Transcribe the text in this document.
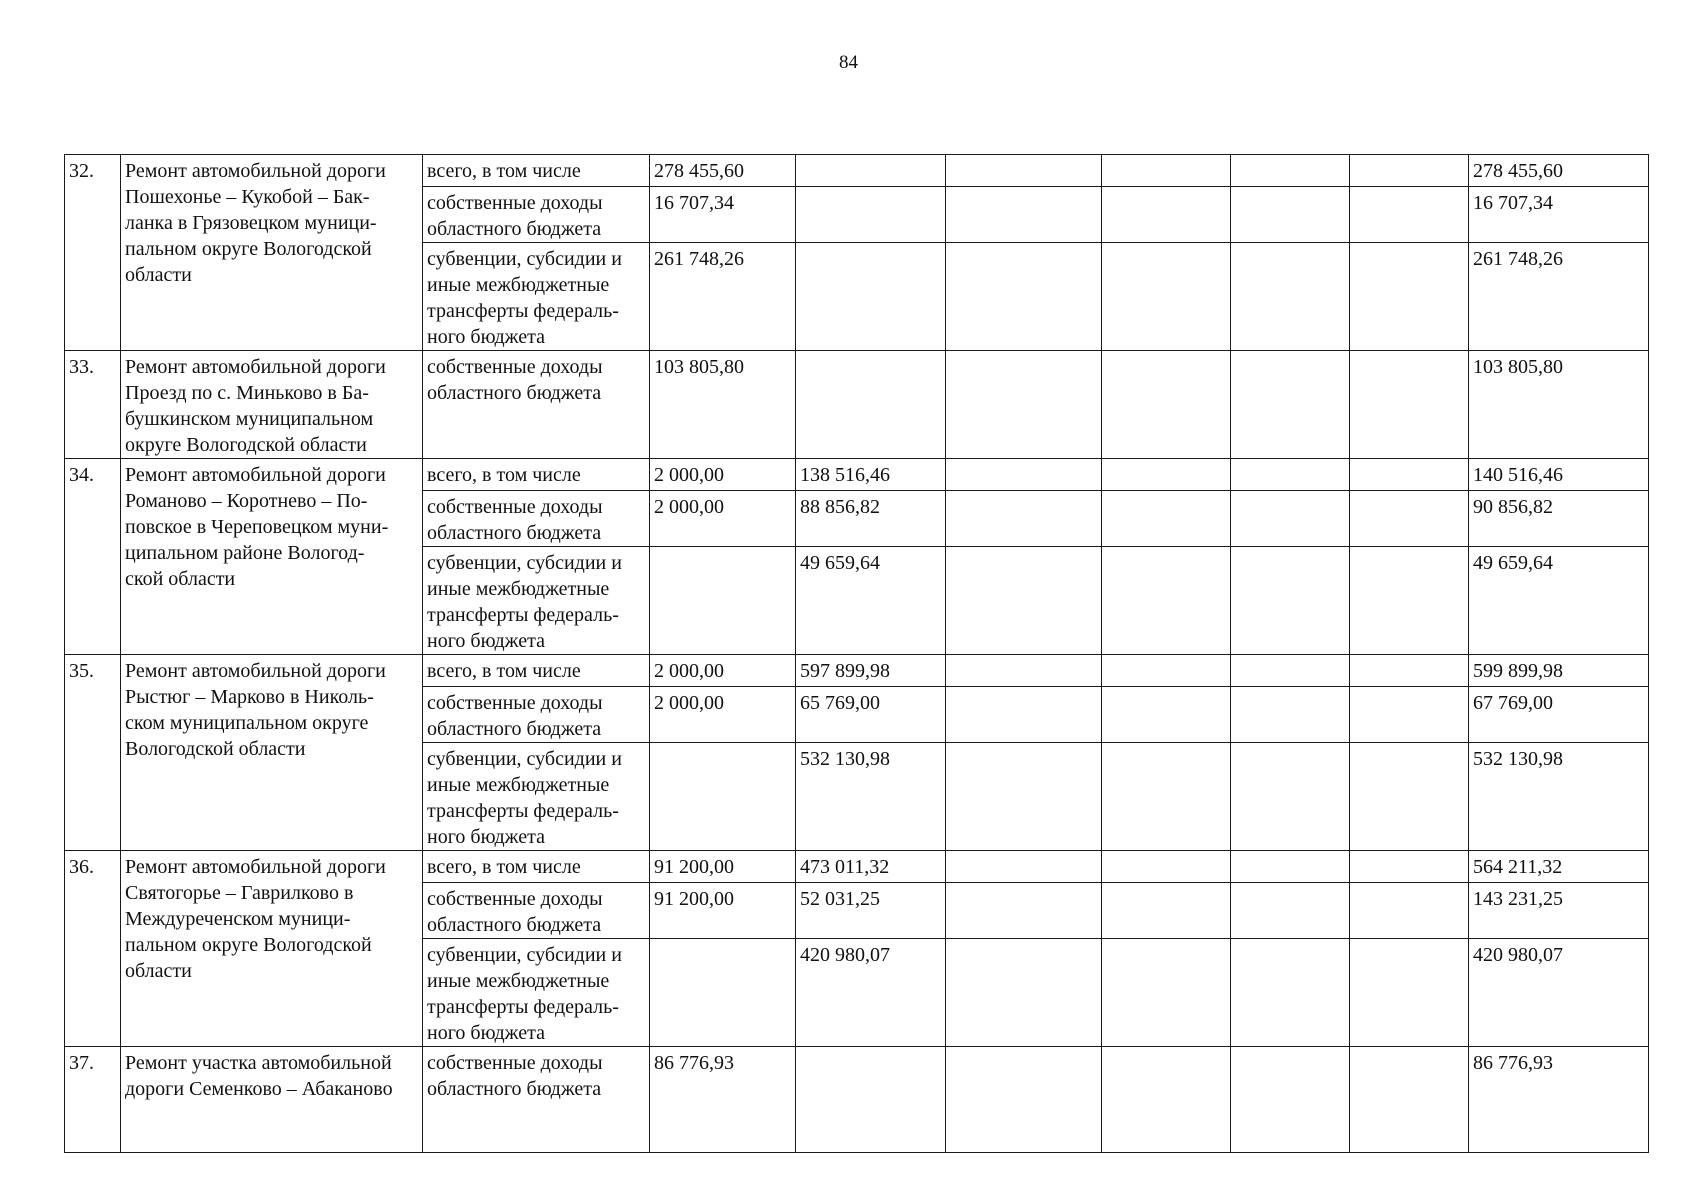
84
32.	Ремонт автомобильной дороги
Пошехонье – Кукобой – Бак-
ланка в Грязовецком муници-
пальном округе Вологодской
области	всего, в том числе	278 455,60						278 455,60
		собственные доходы
областного бюджета	16 707,34						16 707,34
		субвенции, субсидии и
иные межбюджетные
трансферты федераль-
ного бюджета	261 748,26						261 748,26
33.	Ремонт автомобильной дороги
Проезд по с. Миньково в Ба-
бушкинском муниципальном
округе Вологодской области	собственные доходы
областного бюджета	103 805,80						103 805,80
34.	Ремонт автомобильной дороги
Романово – Коротнево – По-
повское в Череповецком муни-
ципальном районе Вологод-
ской области	всего, в том числе	2 000,00	138 516,46					140 516,46
		собственные доходы
областного бюджета	2 000,00	88 856,82					90 856,82
		субвенции, субсидии и
иные межбюджетные
трансферты федераль-
ного бюджета		49 659,64					49 659,64
35.	Ремонт автомобильной дороги
Рыстюг – Марково в Николь-
ском муниципальном округе
Вологодской области	всего, в том числе	2 000,00	597 899,98					599 899,98
		собственные доходы
областного бюджета	2 000,00	65 769,00					67 769,00
		субвенции, субсидии и
иные межбюджетные
трансферты федераль-
ного бюджета		532 130,98					532 130,98
36.	Ремонт автомобильной дороги
Святогорье – Гаврилково в
Междуреченском муници-
пальном округе Вологодской
области	всего, в том числе	91 200,00	473 011,32					564 211,32
		собственные доходы
областного бюджета	91 200,00	52 031,25					143 231,25
		субвенции, субсидии и
иные межбюджетные
трансферты федераль-
ного бюджета		420 980,07					420 980,07
37.	Ремонт участка автомобильной
дороги Семенково – Абаканово	собственные доходы
областного бюджета	86 776,93						86 776,93
